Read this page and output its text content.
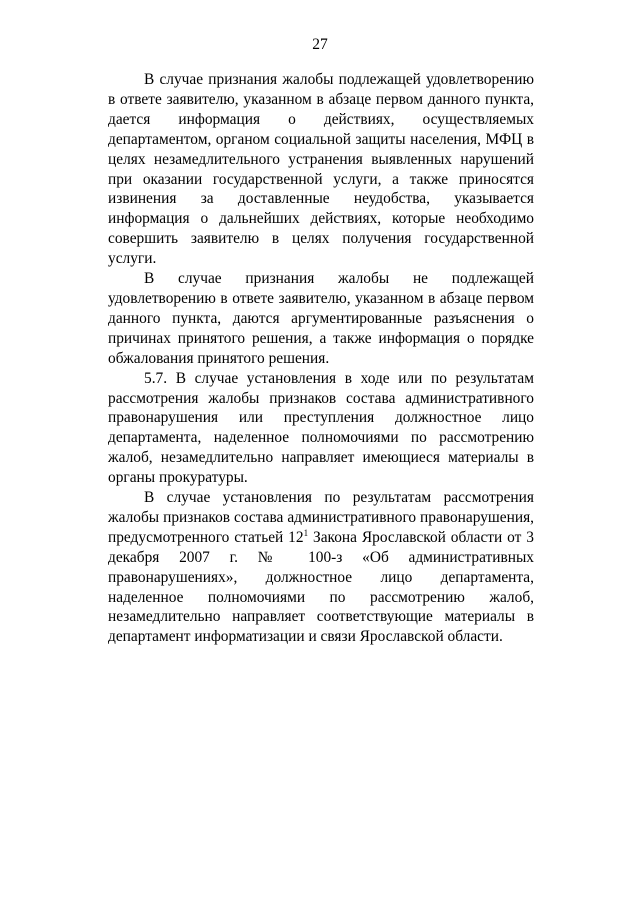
27

В случае признания жалобы подлежащей удовлетворению в ответе заявителю, указанном в абзаце первом данного пункта, дается информация о действиях, осуществляемых департаментом, органом социальной защиты населения, МФЦ в целях незамедлительного устранения выявленных нарушений при оказании государственной услуги, а также приносятся извинения за доставленные неудобства, указывается информация о дальнейших действиях, которые необходимо совершить заявителю в целях получения государственной услуги.

В случае признания жалобы не подлежащей удовлетворению в ответе заявителю, указанном в абзаце первом данного пункта, даются аргументированные разъяснения о причинах принятого решения, а также информация о порядке обжалования принятого решения.

5.7. В случае установления в ходе или по результатам рассмотрения жалобы признаков состава административного правонарушения или преступления должностное лицо департамента, наделенное полномочиями по рассмотрению жалоб, незамедлительно направляет имеющиеся материалы в органы прокуратуры.

В случае установления по результатам рассмотрения жалобы признаков состава административного правонарушения, предусмотренного статьей $12^1$ Закона Ярославской области от 3 декабря 2007 г. № 100-з «Об административных правонарушениях», должностное лицо департамента, наделенное полномочиями по рассмотрению жалоб, незамедлительно направляет соответствующие материалы в департамент информатизации и связи Ярославской области.
